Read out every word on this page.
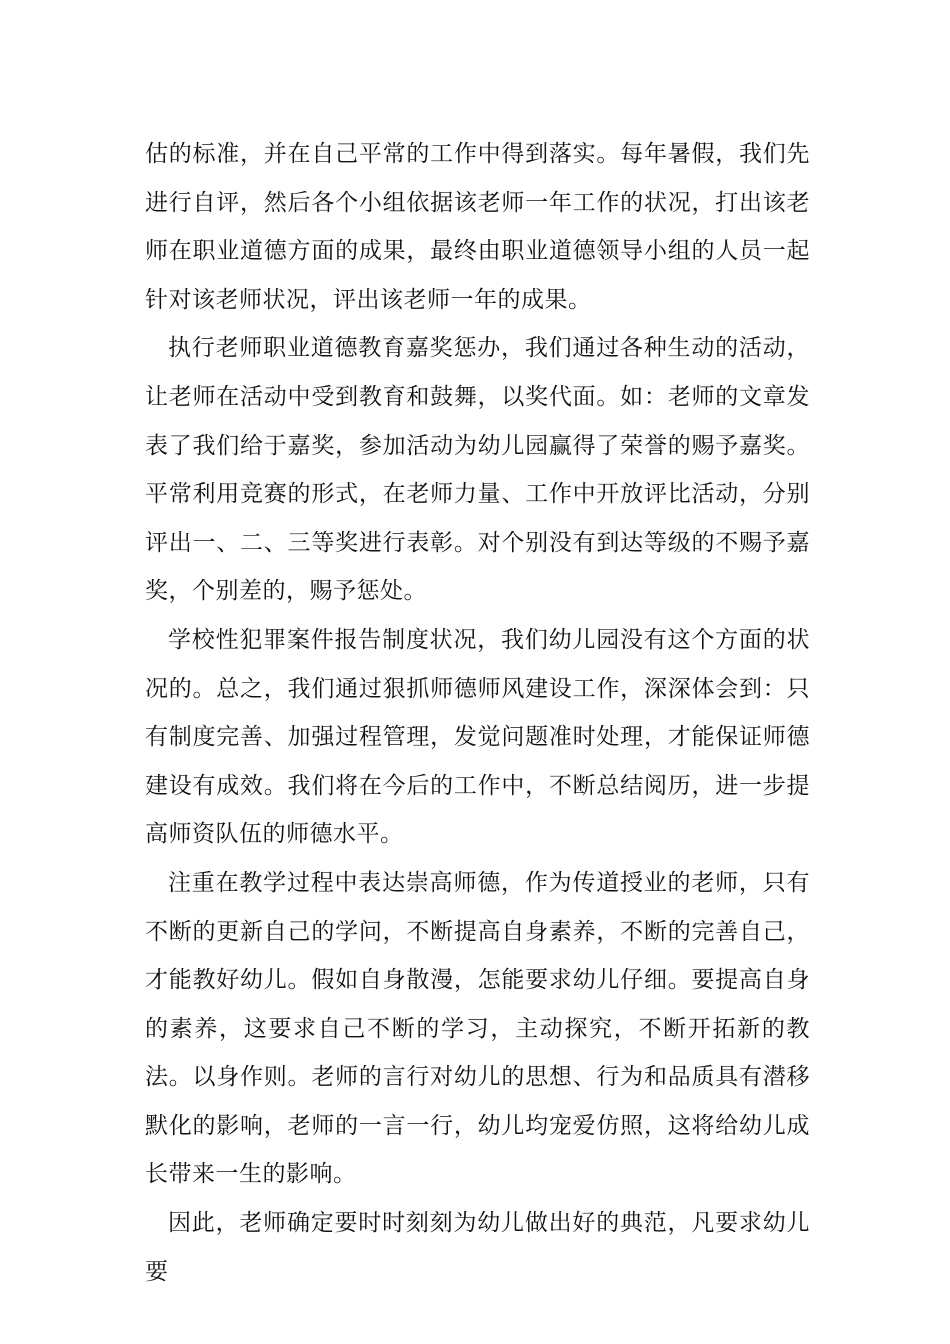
估的标准，并在自己平常的工作中得到落实。每年暑假，我们先进行自评，然后各个小组依据该老师一年工作的状况，打出该老师在职业道德方面的成果，最终由职业道德领导小组的人员一起针对该老师状况，评出该老师一年的成果。

执行老师职业道德教育嘉奖惩办，我们通过各种生动的活动，让老师在活动中受到教育和鼓舞，以奖代面。如：老师的文章发表了我们给于嘉奖，参加活动为幼儿园赢得了荣誉的赐予嘉奖。平常利用竞赛的形式，在老师力量、工作中开放评比活动，分别评出一、二、三等奖进行表彰。对个别没有到达等级的不赐予嘉奖，个别差的，赐予惩处。

学校性犯罪案件报告制度状况，我们幼儿园没有这个方面的状况的。总之，我们通过狠抓师德师风建设工作，深深体会到：只有制度完善、加强过程管理，发觉问题准时处理，才能保证师德建设有成效。我们将在今后的工作中，不断总结阅历，进一步提高师资队伍的师德水平。

注重在教学过程中表达崇高师德，作为传道授业的老师，只有不断的更新自己的学问，不断提高自身素养，不断的完善自己，才能教好幼儿。假如自身散漫，怎能要求幼儿仔细。要提高自身的素养，这要求自己不断的学习，主动探究，不断开拓新的教法。以身作则。老师的言行对幼儿的思想、行为和品质具有潜移默化的影响，老师的一言一行，幼儿均宠爱仿照，这将给幼儿成长带来一生的影响。

因此，老师确定要时时刻刻为幼儿做出好的典范，凡要求幼儿要
